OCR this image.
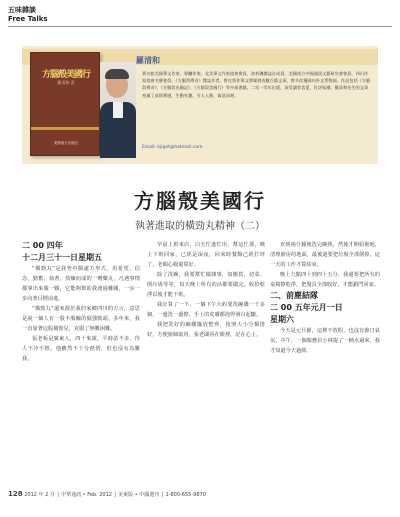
五味雜談
Free Talks
羅清和
方腦殼美國行
羅清和 著
美國南方出版社
著名旅美國華文作家、專欄作家。北美華文作家協會會員、洛杉磯雜誌社成員，美國南方中國通訊文藝研究會會員、四川作家協會名譽會員、《方腦殼傳奇》雜誌作者。曾在寫作華文傳媒發表數百篇文章。曾多次獲國內外文學獎項。作品包括《方腦殼傳奇》、《方腦殼出國記》、《方腦殼美國行》等多部書籍。二零一零年出版，深受讀者喜愛，好評如潮。羅清和先生的文章充滿了真情實感，生動有趣，引人入勝，寓意深刻。
Email: kjiget@hotmail.com
方腦殼美國行
執著進取的橫勁丸精神（二）

二 00 四年

十二月三十一日星期五

“橫勁丸”是我曾中醫處方形式，用希望、信念、勤奮、執著，蒸煉而成的一劑藥丸，凡遇事情都拿出來服一顆，它能夠幫助我渡過難關，一步一步向著目標前進。

“橫勁丸”還來源於我的家鄉四川的方言，意思是說一個人有一股不服輸的倔強勁頭。多年來，我一直靠著這股橫勁兒，克服了無數困難。

張老板是廣東人，四十來歲，平時話不多，待人不冷不熱，他雖然不十分熱情，但也沒有為難我。

早晨上班來店，白天忙進忙出，幫這忙那，晚上下班回家，已經是深夜。回來時餐館已經打烊了，老闆心腸還算好。

除了洗碗，我要幫忙做雜事，如搬貨、切菜、倒垃圾等等，每天晚上所有的活都要做完，收拾乾淨以後才能下班。

我計算了一下，一個下午大約要洗碗碟一千多個，一邊洗一邊擦，手上的皮膚都泡得發白起皺。

我把洗好的碗碟擺放整齊，按照大小分類排好，方便廚師取用，張老闆看在眼裡，記在心上。

直到兩分鐘後洗完碗筷，然後才開始拖地，清理廚房的地面，最後還要把垃圾全部倒掉，這一天的工作才算結束。

晚上九點四十到四十五分，我還要把所有的桌椅擦乾淨，把餐具全部收好，才能鎖門回家。

二、前塵結隊

二 00 五年元月一日

星期六

今天是元旦節，這裡不放假，也沒有節日氣氛，中午，一個服務員小林提了一桶水過來，我才知道今天過節。

128 2012 年 2 月 │ 中華通訊 • Feb. 2012 │ 美東版 • 中國週刊 │ 1-800-655-9870
